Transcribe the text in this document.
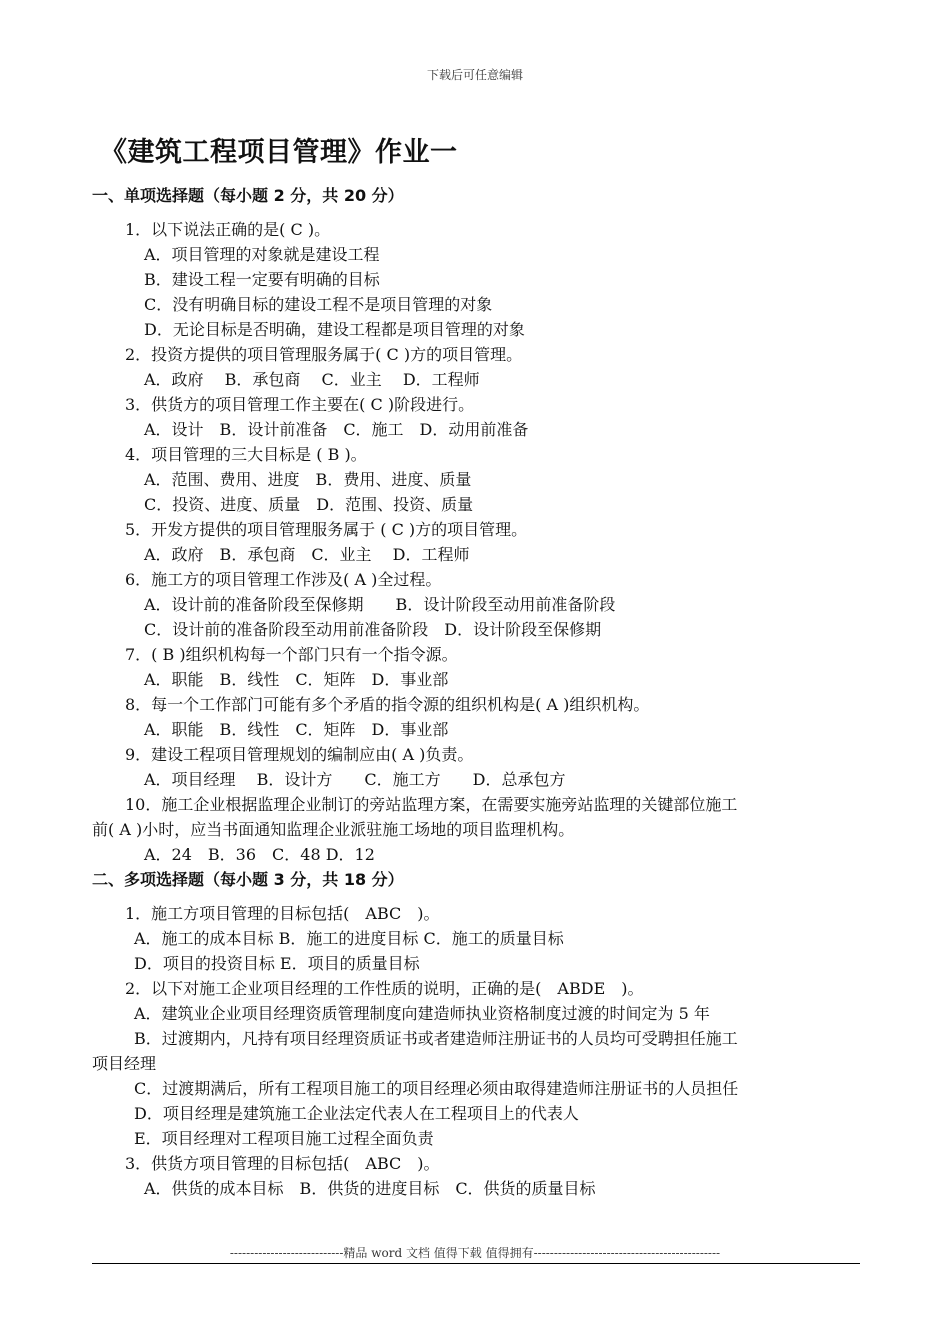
下载后可任意编辑
《建筑工程项目管理》作业一
一、单项选择题（每小题 2 分，共 20 分）
1．以下说法正确的是( C )。
A．项目管理的对象就是建设工程
B．建设工程一定要有明确的目标
C．没有明确目标的建设工程不是项目管理的对象
D．无论目标是否明确，建设工程都是项目管理的对象
2．投资方提供的项目管理服务属于( C )方的项目管理。
A．政府　 B．承包商　 C．业主　 D．工程师
3．供货方的项目管理工作主要在( C )阶段进行。
A．设计　B．设计前准备　C．施工　D．动用前准备
4．项目管理的三大目标是 ( B )。
A．范围、费用、进度　B．费用、进度、质量
C．投资、进度、质量　D．范围、投资、质量
5．开发方提供的项目管理服务属于 ( C )方的项目管理。
A．政府　B．承包商　C．业主　 D．工程师
6．施工方的项目管理工作涉及( A )全过程。
A．设计前的准备阶段至保修期　　B．设计阶段至动用前准备阶段
C．设计前的准备阶段至动用前准备阶段　D．设计阶段至保修期
7．( B )组织机构每一个部门只有一个指令源。
A．职能　B．线性　C．矩阵　D．事业部
8．每一个工作部门可能有多个矛盾的指令源的组织机构是( A )组织机构。
A．职能　B．线性　C．矩阵　D．事业部
9．建设工程项目管理规划的编制应由( A )负责。
A．项目经理　 B．设计方　　C．施工方　　D．总承包方
10．施工企业根据监理企业制订的旁站监理方案，在需要实施旁站监理的关键部位施工
前( A )小时，应当书面通知监理企业派驻施工场地的项目监理机构。
A．24　B．36　C．48 D．12
二、多项选择题（每小题 3 分，共 18 分）
1．施工方项目管理的目标包括(　ABC　)。
A．施工的成本目标 B．施工的进度目标 C．施工的质量目标
D．项目的投资目标 E．项目的质量目标
2．以下对施工企业项目经理的工作性质的说明，正确的是(　ABDE　)。
A．建筑业企业项目经理资质管理制度向建造师执业资格制度过渡的时间定为 5 年
B．过渡期内，凡持有项目经理资质证书或者建造师注册证书的人员均可受聘担任施工
项目经理
C．过渡期满后，所有工程项目施工的项目经理必须由取得建造师注册证书的人员担任
D．项目经理是建筑施工企业法定代表人在工程项目上的代表人
E．项目经理对工程项目施工过程全面负责
3．供货方项目管理的目标包括(　ABC　)。
A．供货的成本目标　B．供货的进度目标　C．供货的质量目标
----------------------------精品 word 文档 值得下载 值得拥有----------------------------------------------
